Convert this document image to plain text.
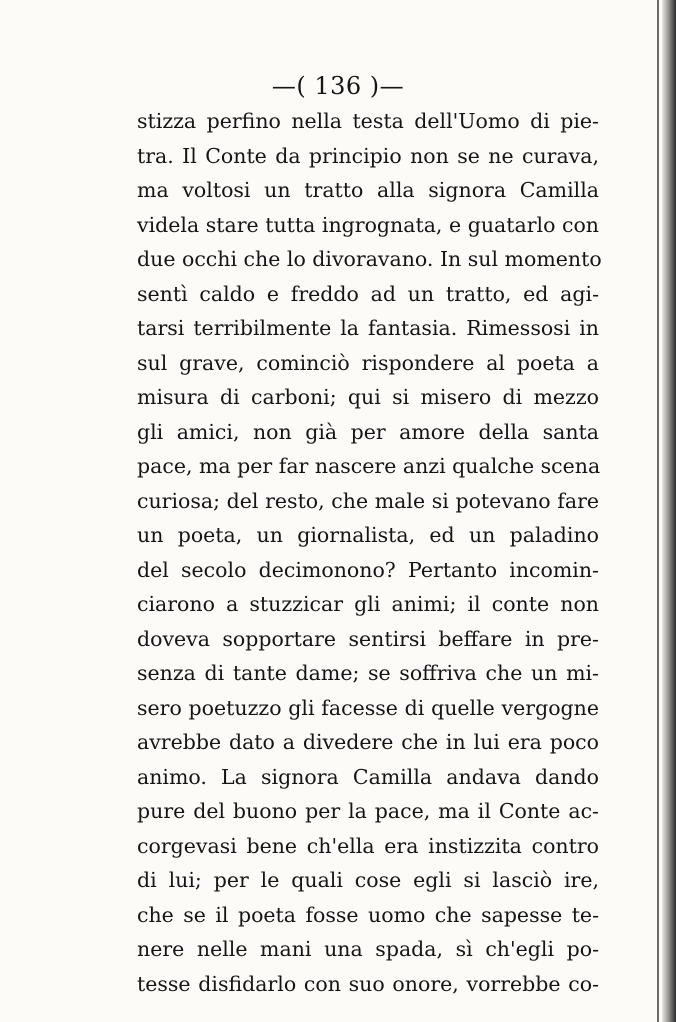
—( 136 )—
stizza perfino nella testa dell'Uomo di pie-
tra. Il Conte da principio non se ne curava,
ma voltosi un tratto alla signora Camilla
videla stare tutta ingrognata, e guatarlo con
due occhi che lo divoravano. In sul momento
sentì caldo e freddo ad un tratto, ed agi-
tarsi terribilmente la fantasia. Rimessosi in
sul grave, cominciò rispondere al poeta a
misura di carboni; qui si misero di mezzo
gli amici, non già per amore della santa
pace, ma per far nascere anzi qualche scena
curiosa; del resto, che male si potevano fare
un poeta, un giornalista, ed un paladino
del secolo decimonono? Pertanto incomin-
ciarono a stuzzicar gli animi; il conte non
doveva sopportare sentirsi beffare in pre-
senza di tante dame; se soffriva che un mi-
sero poetuzzo gli facesse di quelle vergogne
avrebbe dato a divedere che in lui era poco
animo. La signora Camilla andava dando
pure del buono per la pace, ma il Conte ac-
corgevasi bene ch'ella era instizzita contro
di lui; per le quali cose egli si lasciò ire,
che se il poeta fosse uomo che sapesse te-
nere nelle mani una spada, sì ch'egli po-
tesse disfidarlo con suo onore, vorrebbe co-
